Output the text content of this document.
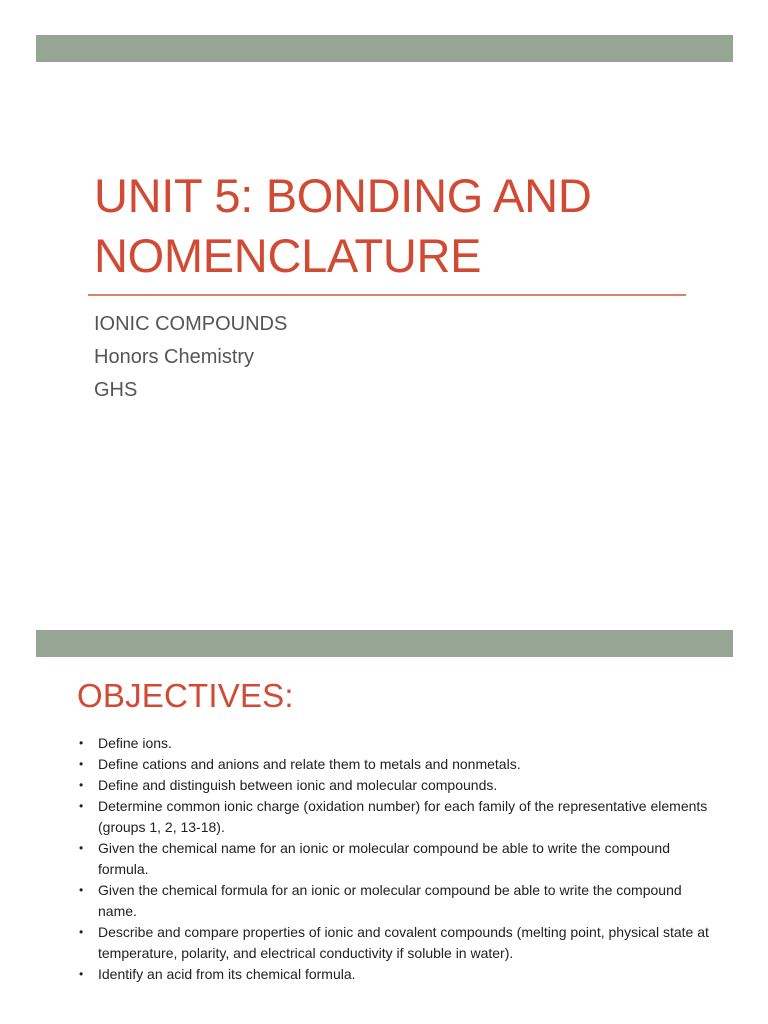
UNIT 5: BONDING AND NOMENCLATURE
IONIC COMPOUNDS
Honors Chemistry
GHS
OBJECTIVES:
• Define ions.
• Define cations and anions and relate them to metals and nonmetals.
• Define and distinguish between ionic and molecular compounds.
• Determine common ionic charge (oxidation number) for each family of the representative elements (groups 1, 2, 13-18).
• Given the chemical name for an ionic or molecular compound be able to write the compound formula.
• Given the chemical formula for an ionic or molecular compound be able to write the compound name.
• Describe and compare properties of ionic and covalent compounds (melting point, physical state at temperature, polarity, and electrical conductivity if soluble in water).
• Identify an acid from its chemical formula.
